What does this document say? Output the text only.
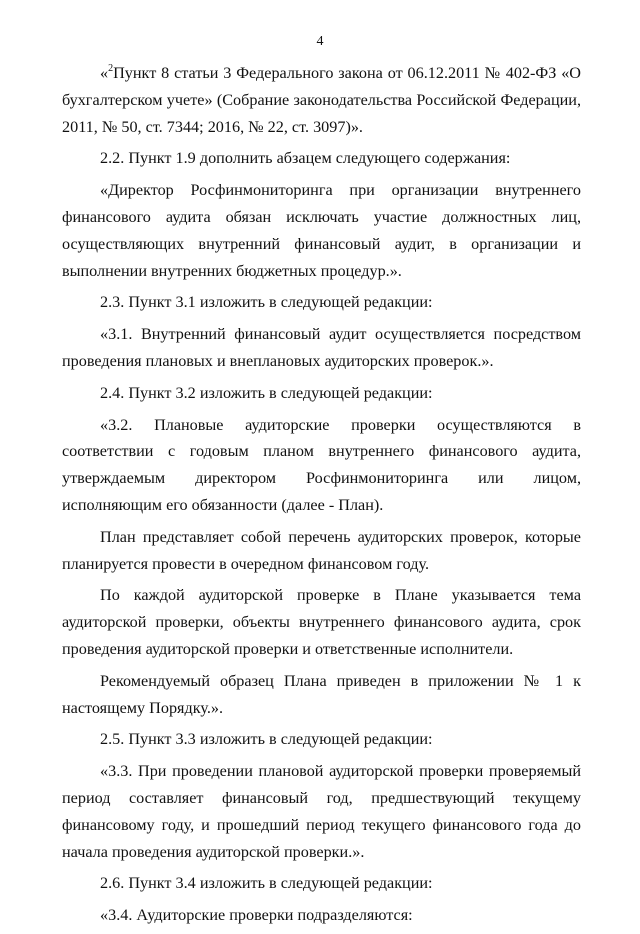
4

«$^2$Пункт 8 статьи 3 Федерального закона от 06.12.2011 № 402-ФЗ «О бухгалтерском учете» (Собрание законодательства Российской Федерации, 2011, № 50, ст. 7344; 2016, № 22, ст. 3097)».

2.2. Пункт 1.9 дополнить абзацем следующего содержания:

«Директор Росфинмониторинга при организации внутреннего финансового аудита обязан исключать участие должностных лиц, осуществляющих внутренний финансовый аудит, в организации и выполнении внутренних бюджетных процедур.».

2.3. Пункт 3.1 изложить в следующей редакции:

«3.1. Внутренний финансовый аудит осуществляется посредством проведения плановых и внеплановых аудиторских проверок.».

2.4. Пункт 3.2 изложить в следующей редакции:

«3.2. Плановые аудиторские проверки осуществляются в соответствии с годовым планом внутреннего финансового аудита, утверждаемым директором Росфинмониторинга или лицом, исполняющим его обязанности (далее - План).

План представляет собой перечень аудиторских проверок, которые планируется провести в очередном финансовом году.

По каждой аудиторской проверке в Плане указывается тема аудиторской проверки, объекты внутреннего финансового аудита, срок проведения аудиторской проверки и ответственные исполнители.

Рекомендуемый образец Плана приведен в приложении № 1 к настоящему Порядку.».

2.5. Пункт 3.3 изложить в следующей редакции:

«3.3. При проведении плановой аудиторской проверки проверяемый период составляет финансовый год, предшествующий текущему финансовому году, и прошедший период текущего финансового года до начала проведения аудиторской проверки.».

2.6. Пункт 3.4 изложить в следующей редакции:

«3.4. Аудиторские проверки подразделяются:
